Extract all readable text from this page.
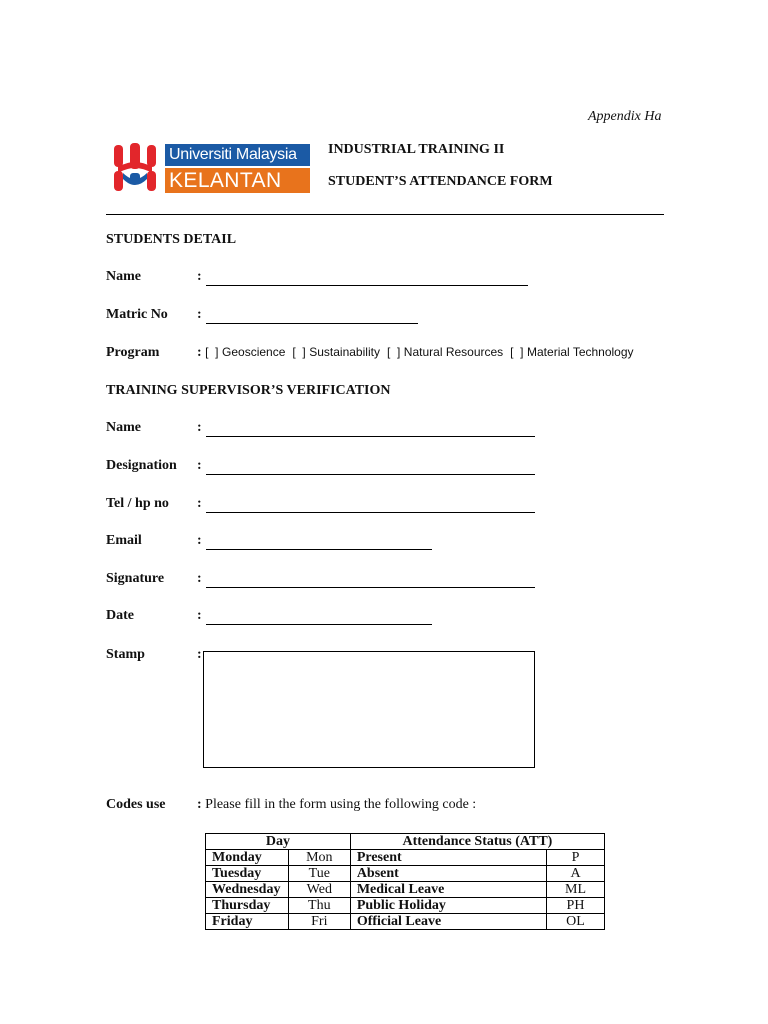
Appendix Ha
Universiti Malaysia
KELANTAN
INDUSTRIAL TRAINING II
STUDENT’S ATTENDANCE FORM
STUDENTS DETAIL
Name	:
Matric No :
Program	: [  ] Geoscience [  ] Sustainability [  ] Natural Resources [  ] Material Technology
TRAINING SUPERVISOR’S VERIFICATION
Name	:
Designation :
Tel / hp no :
Email	:
Signature :
Date	:
Stamp	:
Codes use : Please fill in the form using the following code :
Day		Attendance Status (ATT)	
Monday	Mon	Present	P
Tuesday	Tue	Absent	A
Wednesday	Wed	Medical Leave	ML
Thursday	Thu	Public Holiday	PH
Friday	Fri	Official Leave	OL
